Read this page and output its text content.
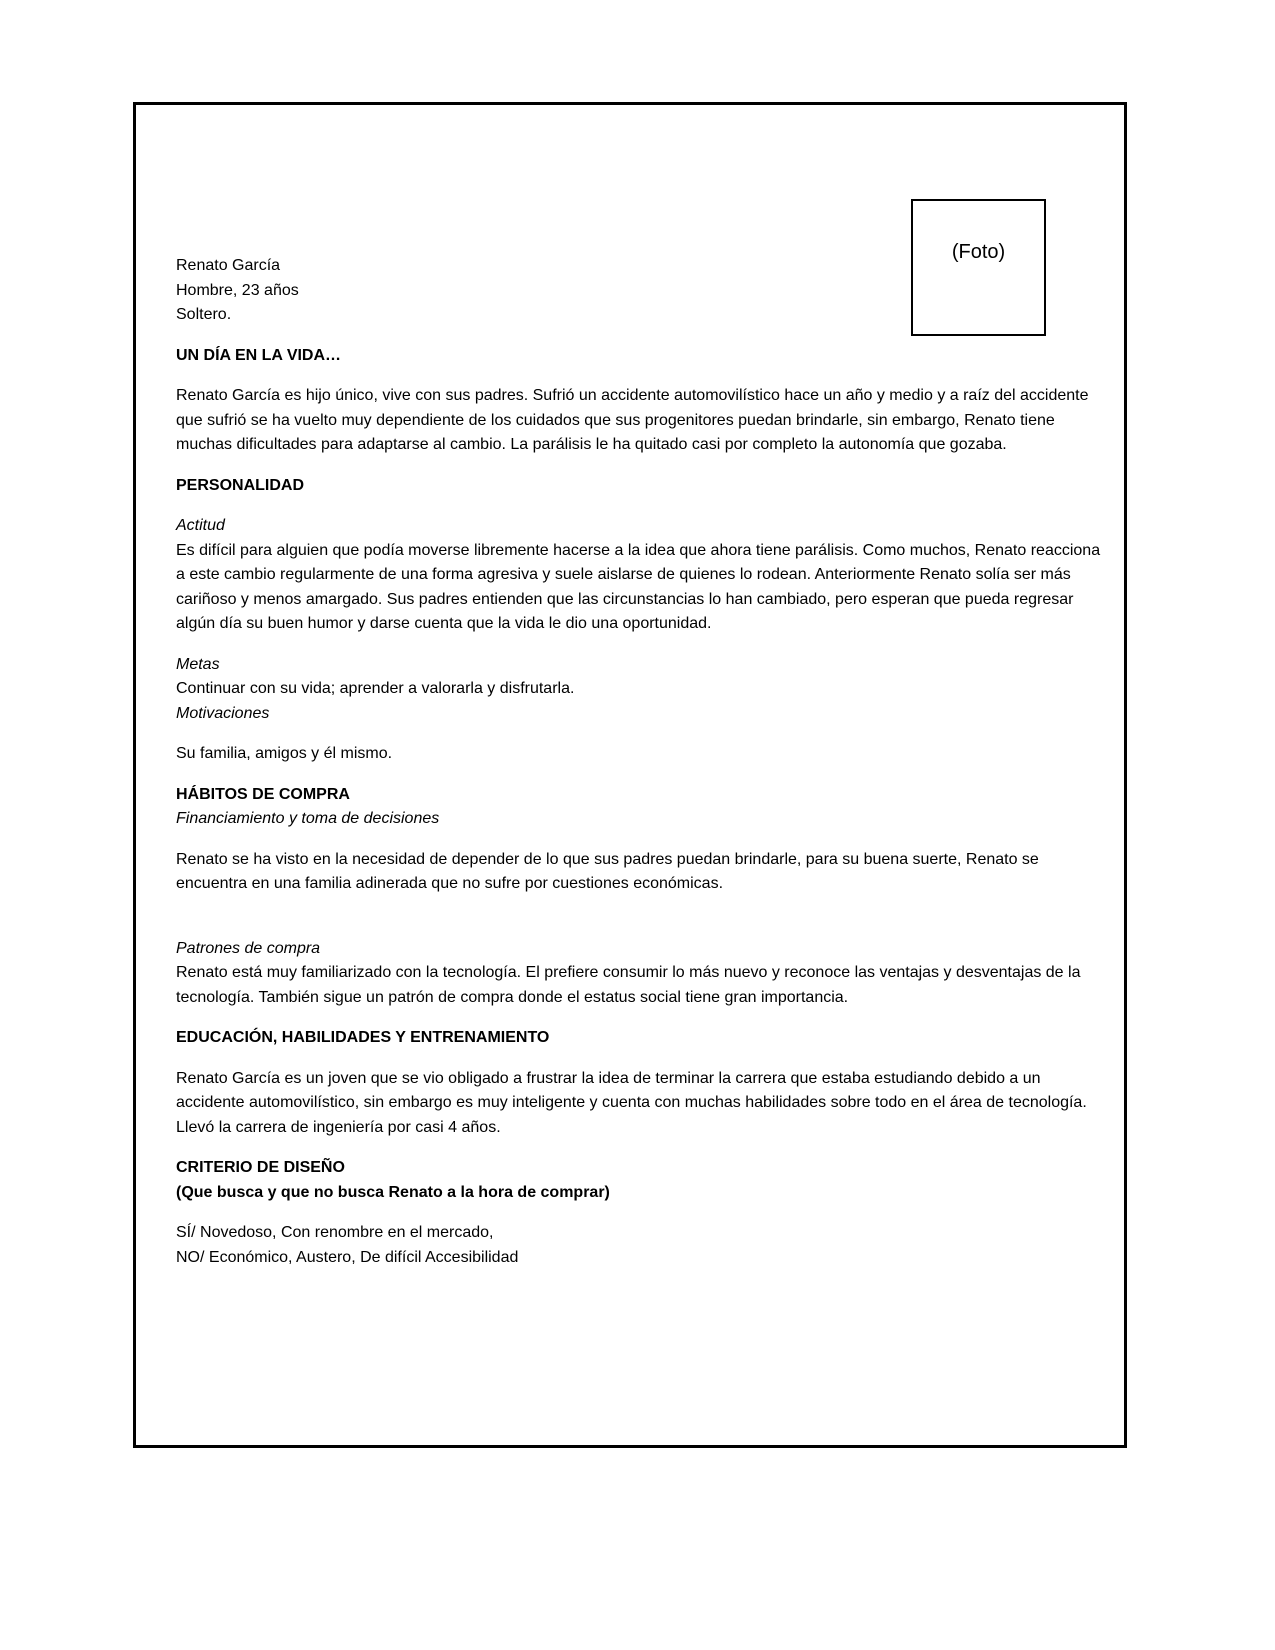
(Foto)

Renato García

Hombre, 23 años

Soltero.

UN DÍA EN LA VIDA…

Renato García es hijo único, vive con sus padres. Sufrió un accidente automovilístico hace un año y medio y a raíz del accidente que sufrió se ha vuelto muy dependiente de los cuidados que sus progenitores puedan brindarle, sin embargo, Renato tiene muchas dificultades para adaptarse al cambio. La parálisis le ha quitado casi por completo la autonomía que gozaba.

PERSONALIDAD

Actitud

Es difícil para alguien que podía moverse libremente hacerse a la idea que ahora tiene parálisis. Como muchos, Renato reacciona a este cambio regularmente de una forma agresiva y suele aislarse de quienes lo rodean. Anteriormente Renato solía ser más cariñoso y menos amargado. Sus padres entienden que las circunstancias lo han cambiado, pero esperan que pueda regresar algún día su buen humor y darse cuenta que la vida le dio una oportunidad.

Metas

Continuar con su vida; aprender a valorarla y disfrutarla.

Motivaciones

Su familia, amigos y él mismo.

HÁBITOS DE COMPRA

Financiamiento y toma de decisiones

Renato se ha visto en la necesidad de depender de lo que sus padres puedan brindarle, para su buena suerte, Renato se encuentra en una familia adinerada que no sufre por cuestiones económicas.

Patrones de compra

Renato está muy familiarizado con la tecnología. El prefiere consumir lo más nuevo y reconoce las ventajas y desventajas de la tecnología. También sigue un patrón de compra donde el estatus social tiene gran importancia.

EDUCACIÓN, HABILIDADES Y ENTRENAMIENTO

Renato García es un joven que se vio obligado a frustrar la idea de terminar la carrera que estaba estudiando debido a un accidente automovilístico, sin embargo es muy inteligente y cuenta con muchas habilidades sobre todo en el área de tecnología. Llevó la carrera de ingeniería por casi 4 años.

CRITERIO DE DISEÑO

(Que busca y que no busca Renato a la hora de comprar)

SÍ/ Novedoso, Con renombre en el mercado,

NO/ Económico, Austero, De difícil Accesibilidad
